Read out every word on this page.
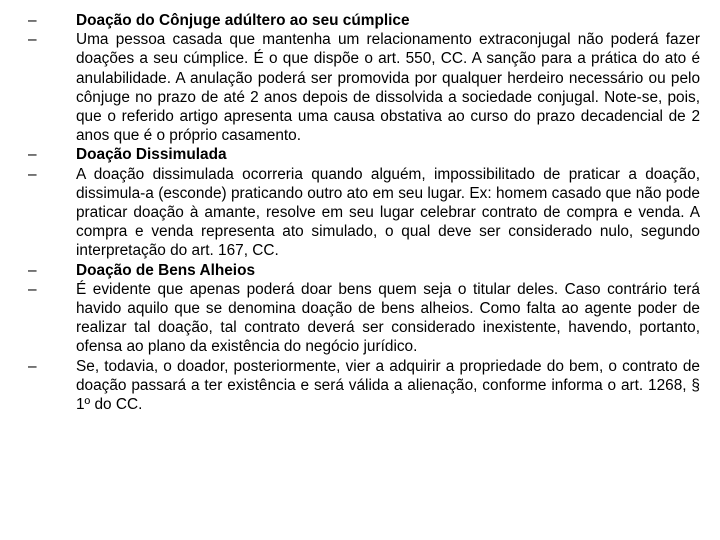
–	Doação do Cônjuge adúltero ao seu cúmplice
–	Uma pessoa casada que mantenha um relacionamento extraconjugal não poderá fazer doações a seu cúmplice. É o que dispõe o art. 550, CC. A sanção para a prática do ato é anulabilidade. A anulação poderá ser promovida por qualquer herdeiro necessário ou pelo cônjuge no prazo de até 2 anos depois de dissolvida a sociedade conjugal. Note-se, pois, que o referido artigo apresenta uma causa obstativa ao curso do prazo decadencial de 2 anos que é o próprio casamento.
–	Doação Dissimulada
–	A doação dissimulada ocorreria quando alguém, impossibilitado de praticar a doação, dissimula-a (esconde) praticando outro ato em seu lugar. Ex: homem casado que não pode praticar doação à amante, resolve em seu lugar celebrar contrato de compra e venda. A compra e venda representa ato simulado, o qual deve ser considerado nulo, segundo interpretação do art. 167, CC.
–	Doação de Bens Alheios
–	É evidente que apenas poderá doar bens quem seja o titular deles. Caso contrário terá havido aquilo que se denomina doação de bens alheios. Como falta ao agente poder de realizar tal doação, tal contrato deverá ser considerado inexistente, havendo, portanto, ofensa ao plano da existência do negócio jurídico.
–	Se, todavia, o doador, posteriormente, vier a adquirir a propriedade do bem, o contrato de doação passará a ter existência e será válida a alienação, conforme informa o art. 1268, § 1º do CC.
